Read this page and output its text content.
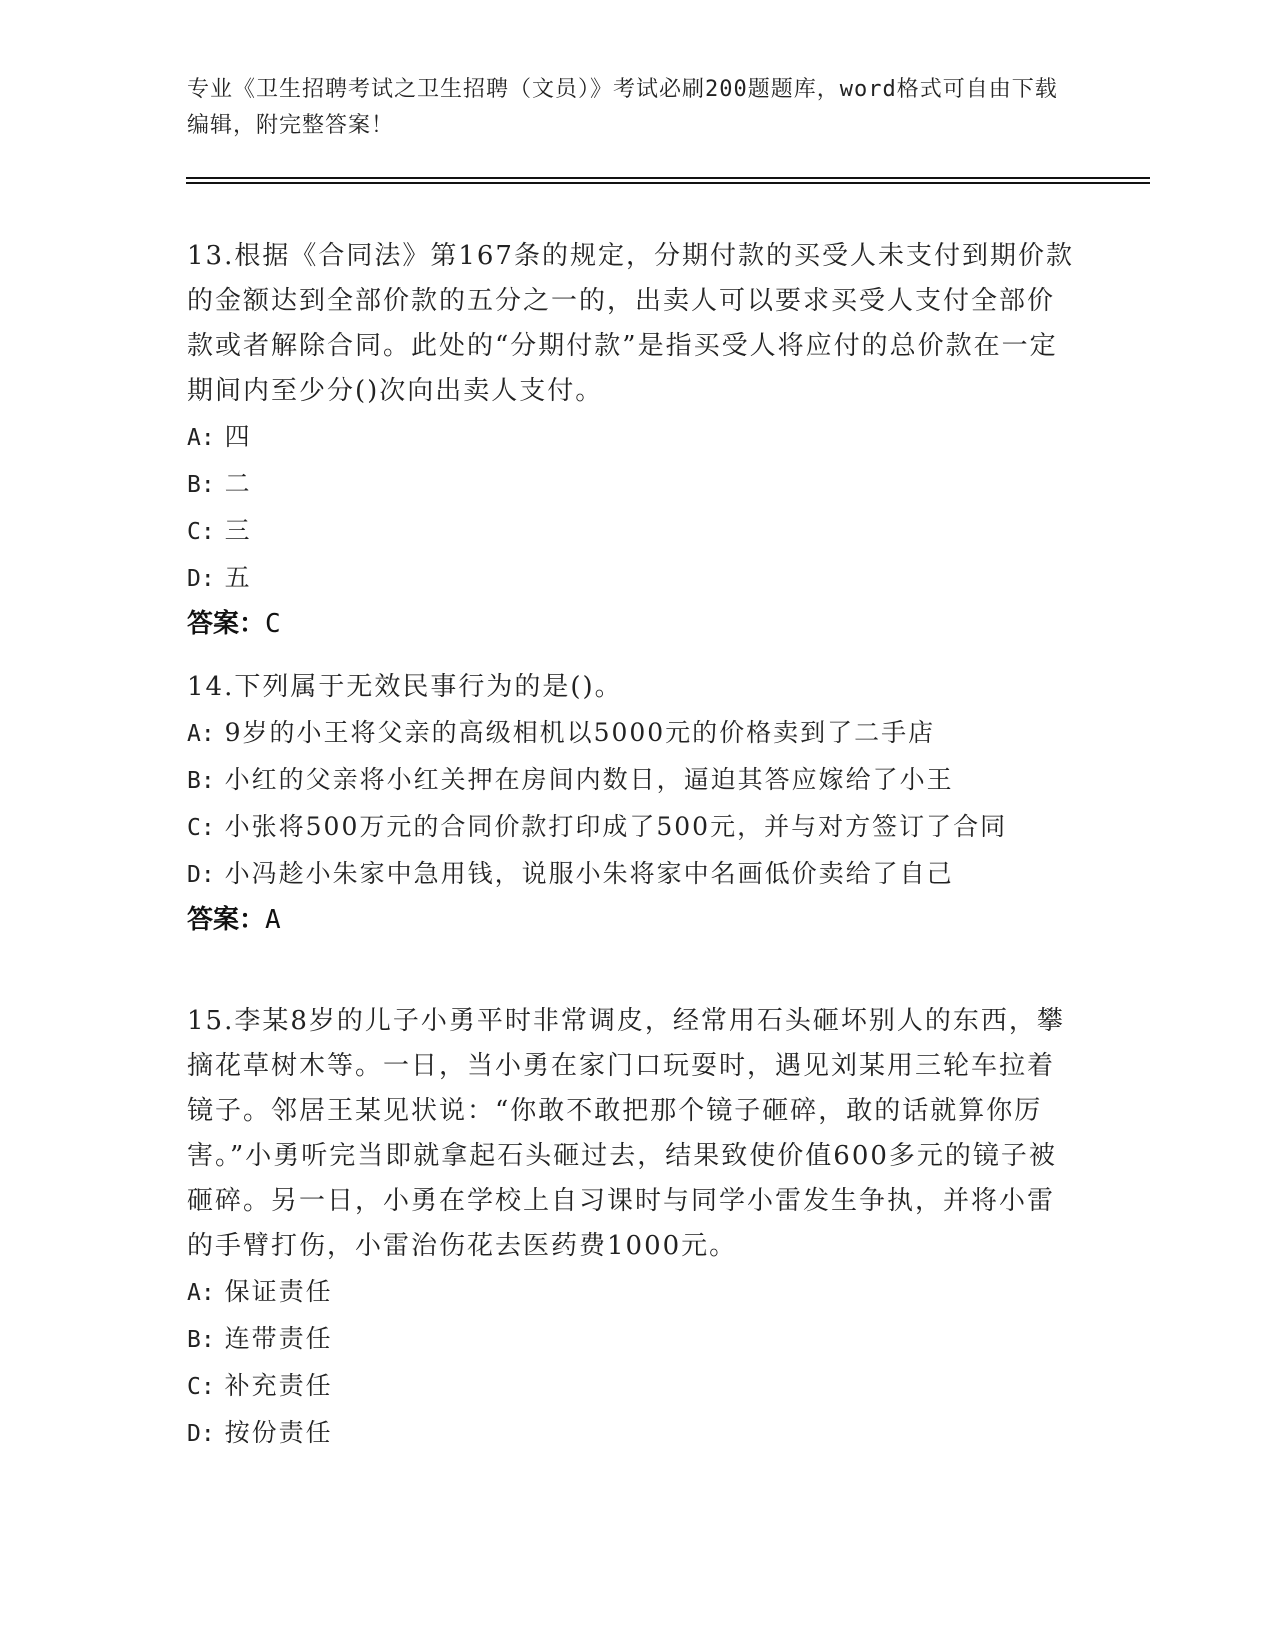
专业《卫生招聘考试之卫生招聘（文员）》考试必刷200题题库，word格式可自由下载编辑，附完整答案！

13.根据《合同法》第167条的规定，分期付款的买受人未支付到期价款的金额达到全部价款的五分之一的，出卖人可以要求买受人支付全部价款或者解除合同。此处的“分期付款”是指买受人将应付的总价款在一定期间内至少分()次向出卖人支付。

A: 四

B: 二

C: 三

D: 五

答案：C

14.下列属于无效民事行为的是()。

A: 9岁的小王将父亲的高级相机以5000元的价格卖到了二手店

B: 小红的父亲将小红关押在房间内数日，逼迫其答应嫁给了小王

C: 小张将500万元的合同价款打印成了500元，并与对方签订了合同

D: 小冯趁小朱家中急用钱，说服小朱将家中名画低价卖给了自己

答案：A

15.李某8岁的儿子小勇平时非常调皮，经常用石头砸坏别人的东西，攀摘花草树木等。一日，当小勇在家门口玩耍时，遇见刘某用三轮车拉着镜子。邻居王某见状说：“你敢不敢把那个镜子砸碎，敢的话就算你厉害。”小勇听完当即就拿起石头砸过去，结果致使价值600多元的镜子被砸碎。另一日，小勇在学校上自习课时与同学小雷发生争执，并将小雷的手臂打伤，小雷治伤花去医药费1000元。

A: 保证责任

B: 连带责任

C: 补充责任

D: 按份责任
